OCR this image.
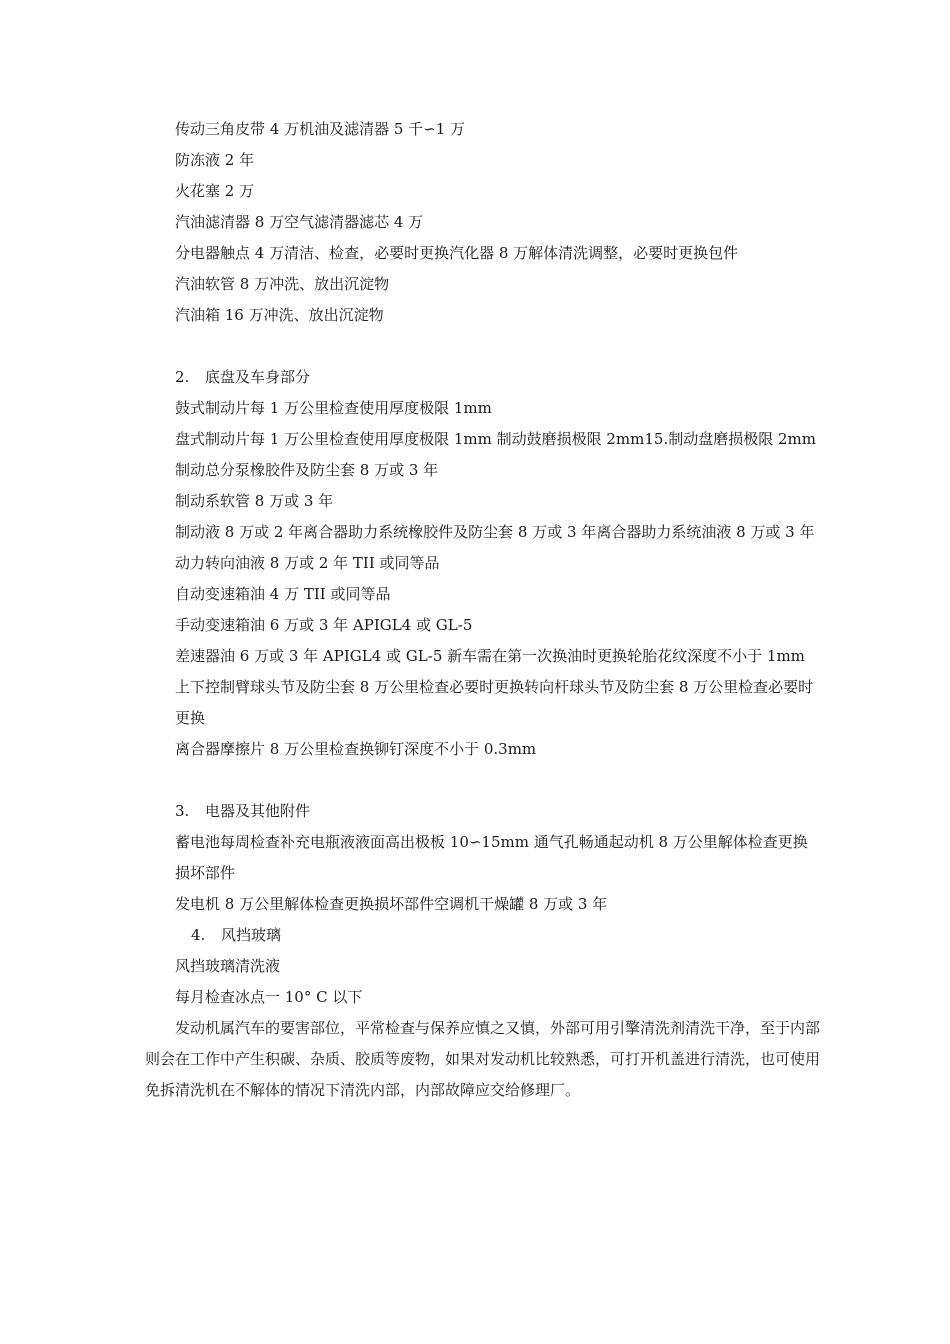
传动三角皮带 4 万机油及滤清器 5 千∽1 万
防冻液 2 年
火花塞 2 万
汽油滤清器 8 万空气滤清器滤芯 4 万
分电器触点 4 万清洁、检查，必要时更换汽化器 8 万解体清洗调整，必要时更换包件
汽油软管 8 万冲洗、放出沉淀物
汽油箱 16 万冲洗、放出沉淀物
2. 底盘及车身部分
鼓式制动片每 1 万公里检查使用厚度极限 1mm
盘式制动片每 1 万公里检查使用厚度极限 1mm 制动鼓磨损极限 2mm15.制动盘磨损极限 2mm 制动总分泵橡胶件及防尘套 8 万或 3 年
制动系软管 8 万或 3 年
制动液 8 万或 2 年离合器助力系统橡胶件及防尘套 8 万或 3 年离合器助力系统油液 8 万或 3 年
动力转向油液 8 万或 2 年 TII 或同等品
自动变速箱油 4 万 TII 或同等品
手动变速箱油 6 万或 3 年 APIGL4 或 GL-5
差速器油 6 万或 3 年 APIGL4 或 GL-5 新车需在第一次换油时更换轮胎花纹深度不小于 1mm
上下控制臂球头节及防尘套 8 万公里检查必要时更换转向杆球头节及防尘套 8 万公里检查必要时更换
离合器摩擦片 8 万公里检查换铆钉深度不小于 0.3mm
3. 电器及其他附件
蓄电池每周检查补充电瓶液液面高出极板 10∽15mm 通气孔畅通起动机 8 万公里解体检查更换损坏部件
发电机 8 万公里解体检查更换损坏部件空调机干燥罐 8 万或 3 年
4. 风挡玻璃
风挡玻璃清洗液
每月检查冰点一 10° C 以下
发动机属汽车的要害部位，平常检查与保养应慎之又慎，外部可用引擎清洗剂清洗干净，至于内部则会在工作中产生积碳、杂质、胶质等废物，如果对发动机比较熟悉，可打开机盖进行清洗，也可使用免拆清洗机在不解体的情况下清洗内部，内部故障应交给修理厂。
